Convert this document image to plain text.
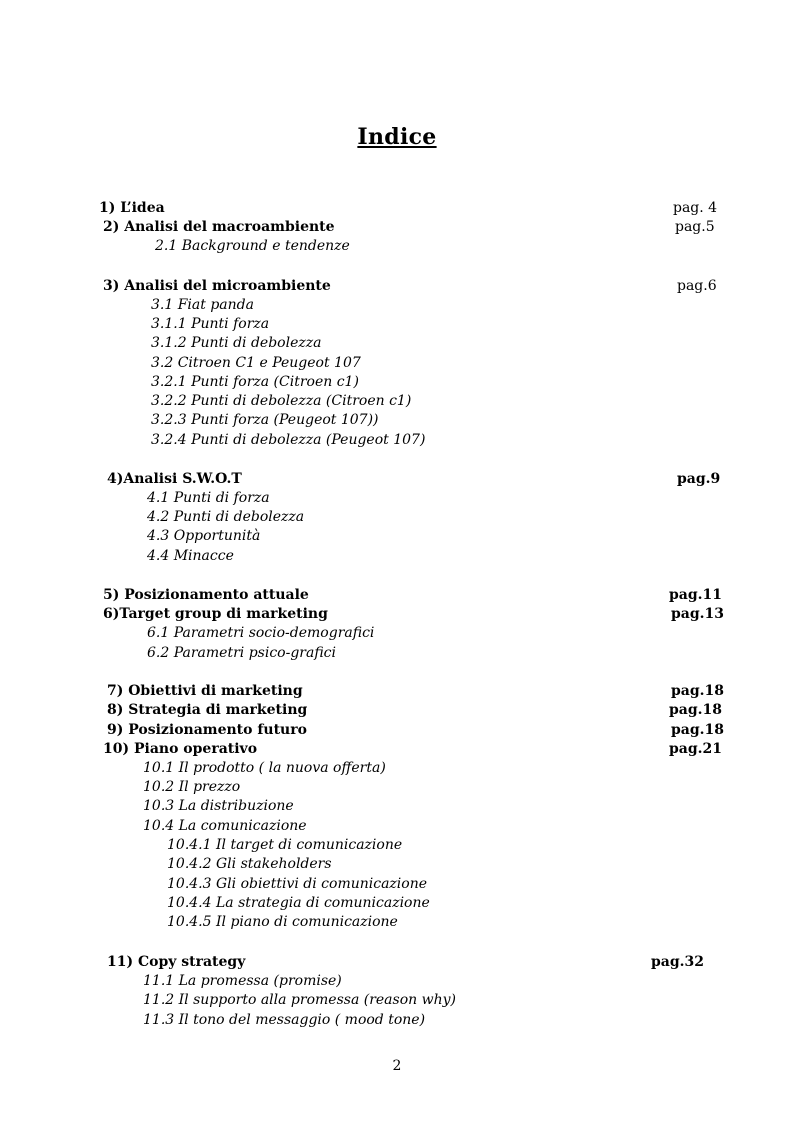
Indice
1) L’idea	pag. 4
2) Analisi del macroambiente	pag.5
2.1 Background e tendenze
3) Analisi del microambiente	pag.6
3.1 Fiat panda
3.1.1 Punti forza
3.1.2 Punti di debolezza
3.2 Citroen C1 e Peugeot 107
3.2.1 Punti forza (Citroen c1)
3.2.2 Punti di debolezza (Citroen c1)
3.2.3 Punti forza (Peugeot 107))
3.2.4 Punti di debolezza (Peugeot 107)
4)Analisi S.W.O.T	pag.9
4.1 Punti di forza
4.2 Punti di debolezza
4.3 Opportunità
4.4 Minacce
5) Posizionamento attuale	pag.11
6)Target group di marketing	pag.13
6.1 Parametri socio-demografici
6.2 Parametri psico-grafici
7) Obiettivi di marketing	pag.18
8) Strategia di marketing	pag.18
9) Posizionamento futuro	pag.18
10) Piano operativo	pag.21
10.1 Il prodotto ( la nuova offerta)
10.2 Il prezzo
10.3 La distribuzione
10.4 La comunicazione
10.4.1 Il target di comunicazione
10.4.2 Gli stakeholders
10.4.3 Gli obiettivi di comunicazione
10.4.4 La strategia di comunicazione
10.4.5 Il piano di comunicazione
11) Copy strategy	pag.32
11.1 La promessa (promise)
11.2 Il supporto alla promessa (reason why)
11.3 Il tono del messaggio ( mood tone)
2
